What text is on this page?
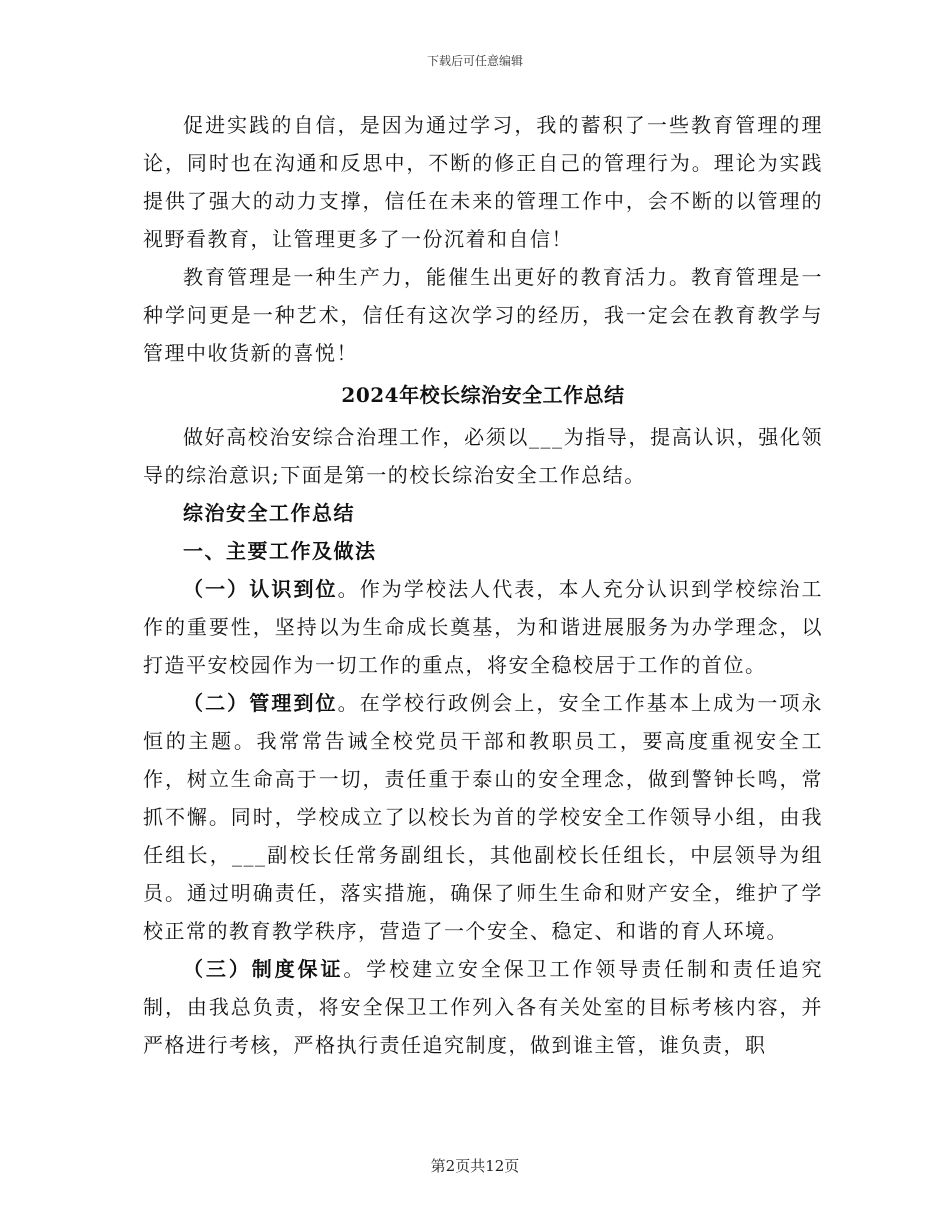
下载后可任意编辑

促进实践的自信，是因为通过学习，我的蓄积了一些教育管理的理论，同时也在沟通和反思中，不断的修正自己的管理行为。理论为实践提供了强大的动力支撑，信任在未来的管理工作中，会不断的以管理的视野看教育，让管理更多了一份沉着和自信！

教育管理是一种生产力，能催生出更好的教育活力。教育管理是一种学问更是一种艺术，信任有这次学习的经历，我一定会在教育教学与管理中收货新的喜悦！

2024年校长综治安全工作总结

做好高校治安综合治理工作，必须以___为指导，提高认识，强化领导的综治意识;下面是第一的校长综治安全工作总结。

综治安全工作总结

一、主要工作及做法

（一）认识到位。作为学校法人代表，本人充分认识到学校综治工作的重要性，坚持以为生命成长奠基，为和谐进展服务为办学理念，以打造平安校园作为一切工作的重点，将安全稳校居于工作的首位。

（二）管理到位。在学校行政例会上，安全工作基本上成为一项永恒的主题。我常常告诫全校党员干部和教职员工，要高度重视安全工作，树立生命高于一切，责任重于泰山的安全理念，做到警钟长鸣，常抓不懈。同时，学校成立了以校长为首的学校安全工作领导小组，由我任组长，___副校长任常务副组长，其他副校长任组长，中层领导为组员。通过明确责任，落实措施，确保了师生生命和财产安全，维护了学校正常的教育教学秩序，营造了一个安全、稳定、和谐的育人环境。

（三）制度保证。学校建立安全保卫工作领导责任制和责任追究制，由我总负责，将安全保卫工作列入各有关处室的目标考核内容，并严格进行考核，严格执行责任追究制度，做到谁主管，谁负责，职

第2页共12页
